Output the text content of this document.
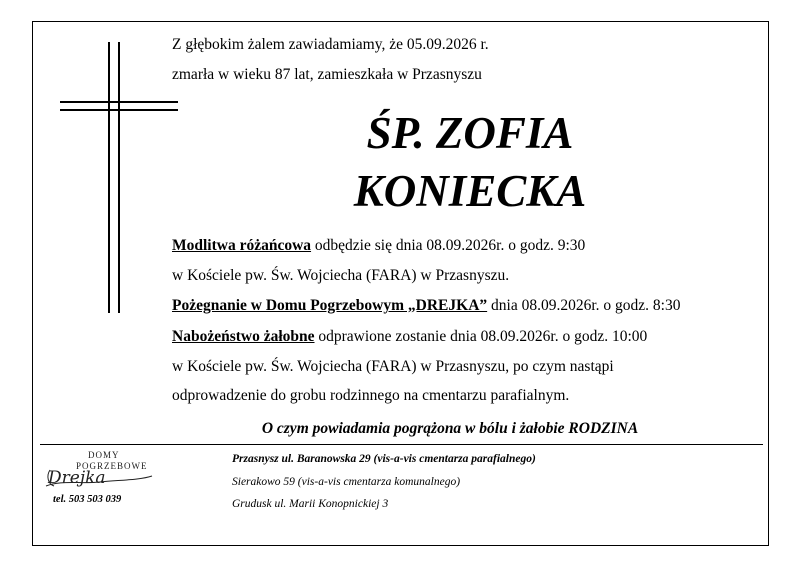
Z głębokim żalem zawiadamiamy, że 05.09.2026 r.
zmarła w wieku 87 lat, zamieszkała w Przasnyszu
ŚP. ZOFIA
KONIECKA
Modlitwa różańcowa odbędzie się dnia 08.09.2026r. o godz. 9:30
w Kościele pw. Św. Wojciecha (FARA) w Przasnyszu.
Pożegnanie w Domu Pogrzebowym „DREJKA” dnia 08.09.2026r. o godz. 8:30
Nabożeństwo żałobne odprawione zostanie dnia 08.09.2026r. o godz. 10:00
w Kościele pw. Św. Wojciecha (FARA) w Przasnyszu, po czym nastąpi
odprowadzenie do grobu rodzinnego na cmentarzu parafialnym.
O czym powiadamia pogrążona w bólu i żałobie RODZINA
DOMY
POGRZEBOWE
Drejka
tel. 503 503 039
Przasnysz ul. Baranowska 29 (vis-a-vis cmentarza parafialnego)
Sierakowo 59 (vis-a-vis cmentarza komunalnego)
Grudusk ul. Marii Konopnickiej 3
